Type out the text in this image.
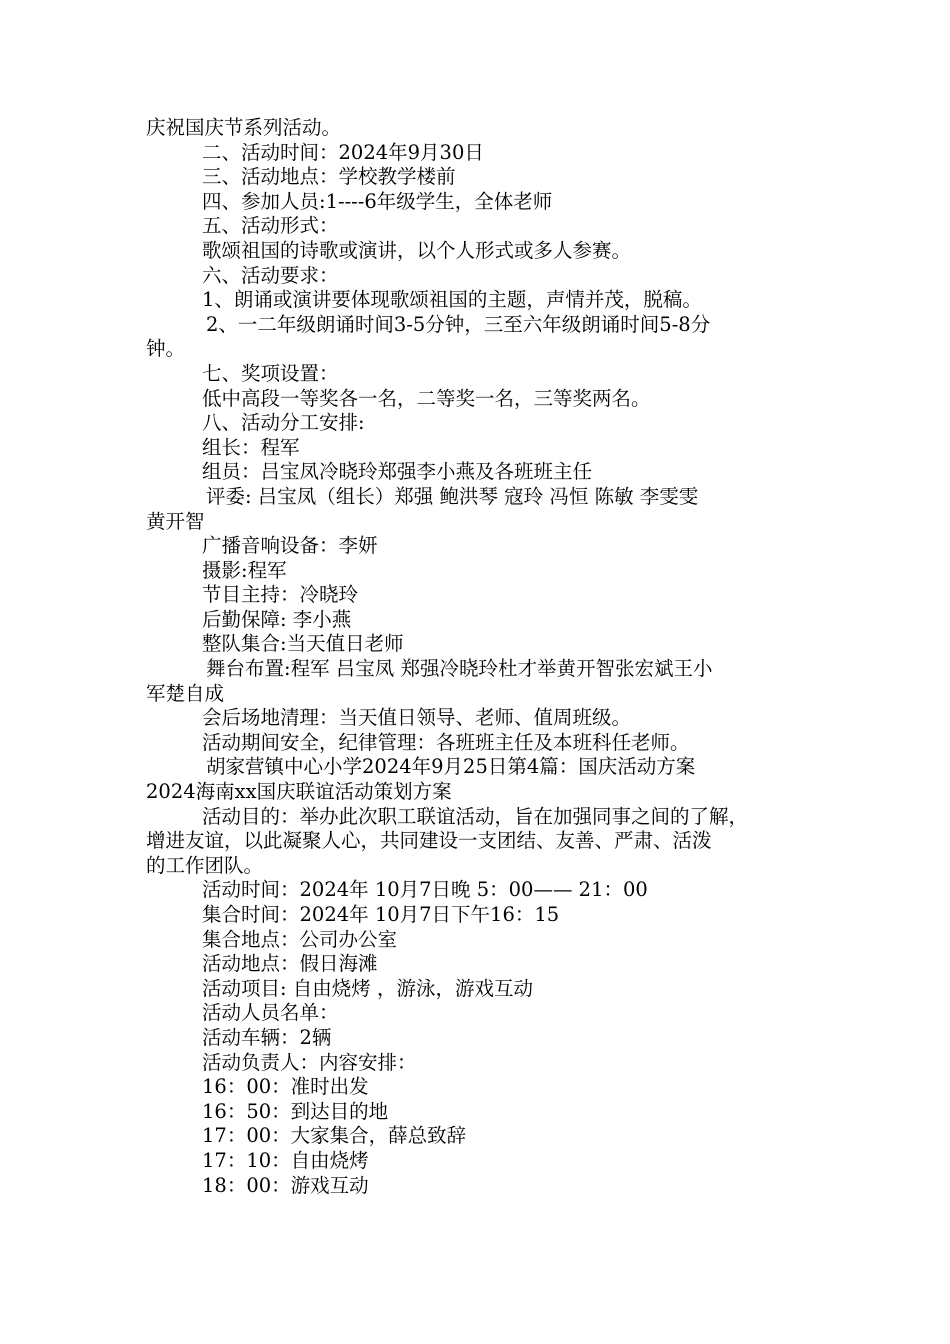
庆祝国庆节系列活动。
二、活动时间：2024年9月30日
三、活动地点：学校教学楼前
四、参加人员:1----6年级学生，全体老师
五、活动形式：
歌颂祖国的诗歌或演讲，以个人形式或多人参赛。
六、活动要求：
1、朗诵或演讲要体现歌颂祖国的主题，声情并茂，脱稿。
2、一二年级朗诵时间3-5分钟，三至六年级朗诵时间5-8分
钟。
七、奖项设置：
低中高段一等奖各一名，二等奖一名，三等奖两名。
八、活动分工安排:
组长：程军
组员：吕宝凤冷晓玲郑强李小燕及各班班主任
评委: 吕宝凤（组长）郑强 鲍洪琴 寇玲 冯恒 陈敏 李雯雯
黄开智
广播音响设备：李妍
摄影:程军
节目主持：冷晓玲
后勤保障: 李小燕
整队集合:当天值日老师
舞台布置:程军 吕宝凤 郑强冷晓玲杜才举黄开智张宏斌王小
军楚自成
会后场地清理：当天值日领导、老师、值周班级。
活动期间安全，纪律管理：各班班主任及本班科任老师。
胡家营镇中心小学2024年9月25日第4篇：国庆活动方案
2024海南xx国庆联谊活动策划方案
活动目的：举办此次职工联谊活动，旨在加强同事之间的了解，
增进友谊，以此凝聚人心，共同建设一支团结、友善、严肃、活泼
的工作团队。
活动时间：2024年 10月7日晚 5：00—— 21：00
集合时间：2024年 10月7日下午16：15
集合地点：公司办公室
活动地点：假日海滩
活动项目: 自由烧烤 ，游泳，游戏互动
活动人员名单：
活动车辆：2辆
活动负责人：内容安排：
16：00：准时出发
16：50：到达目的地
17：00：大家集合，薛总致辞
17：10：自由烧烤
18：00：游戏互动
